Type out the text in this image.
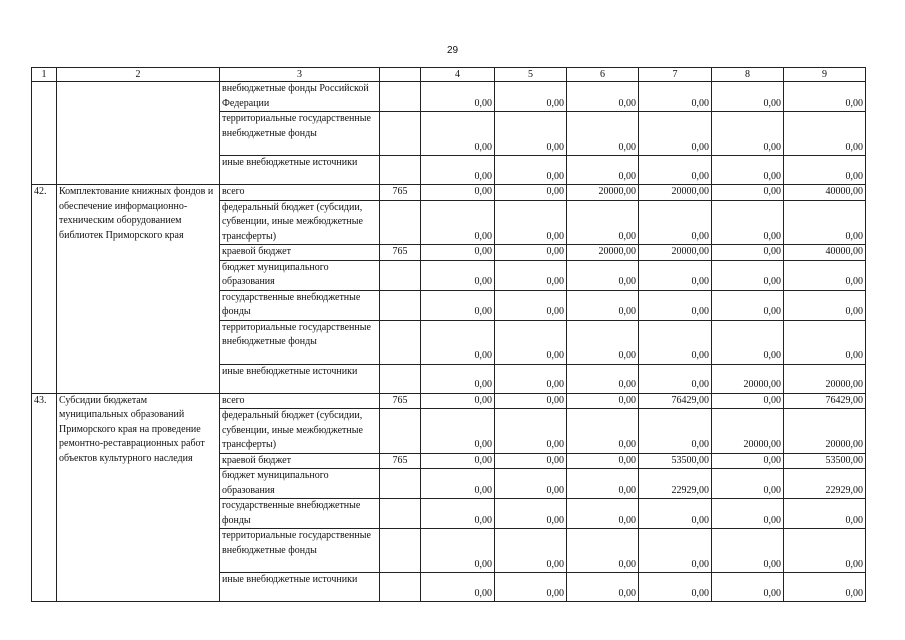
29
1	2	3		4	5	6	7	8	9
		внебюджетные фонды Российской Федерации		0,00	0,00	0,00	0,00	0,00	0,00
		территориальные государственные внебюджетные фонды		0,00	0,00	0,00	0,00	0,00	0,00
		иные внебюджетные источники		0,00	0,00	0,00	0,00	0,00	0,00
42.	Комплектование книжных фондов и обеспечение информационно-техническим оборудованием библиотек Приморского края	всего	765	0,00	0,00	20000,00	20000,00	0,00	40000,00
		федеральный бюджет (субсидии, субвенции, иные межбюджетные трансферты)		0,00	0,00	0,00	0,00	0,00	0,00
		краевой бюджет	765	0,00	0,00	20000,00	20000,00	0,00	40000,00
		бюджет муниципального образования		0,00	0,00	0,00	0,00	0,00	0,00
		государственные внебюджетные фонды		0,00	0,00	0,00	0,00	0,00	0,00
		территориальные государственные внебюджетные фонды		0,00	0,00	0,00	0,00	0,00	0,00
		иные внебюджетные источники		0,00	0,00	0,00	0,00	20000,00	20000,00
43.	Субсидии бюджетам муниципальных образований Приморского края на проведение ремонтно-реставрационных работ объектов культурного наследия	всего	765	0,00	0,00	0,00	76429,00	0,00	76429,00
		федеральный бюджет (субсидии, субвенции, иные межбюджетные трансферты)		0,00	0,00	0,00	0,00	20000,00	20000,00
		краевой бюджет	765	0,00	0,00	0,00	53500,00	0,00	53500,00
		бюджет муниципального образования		0,00	0,00	0,00	22929,00	0,00	22929,00
		государственные внебюджетные фонды		0,00	0,00	0,00	0,00	0,00	0,00
		территориальные государственные внебюджетные фонды		0,00	0,00	0,00	0,00	0,00	0,00
		иные внебюджетные источники		0,00	0,00	0,00	0,00	0,00	0,00
